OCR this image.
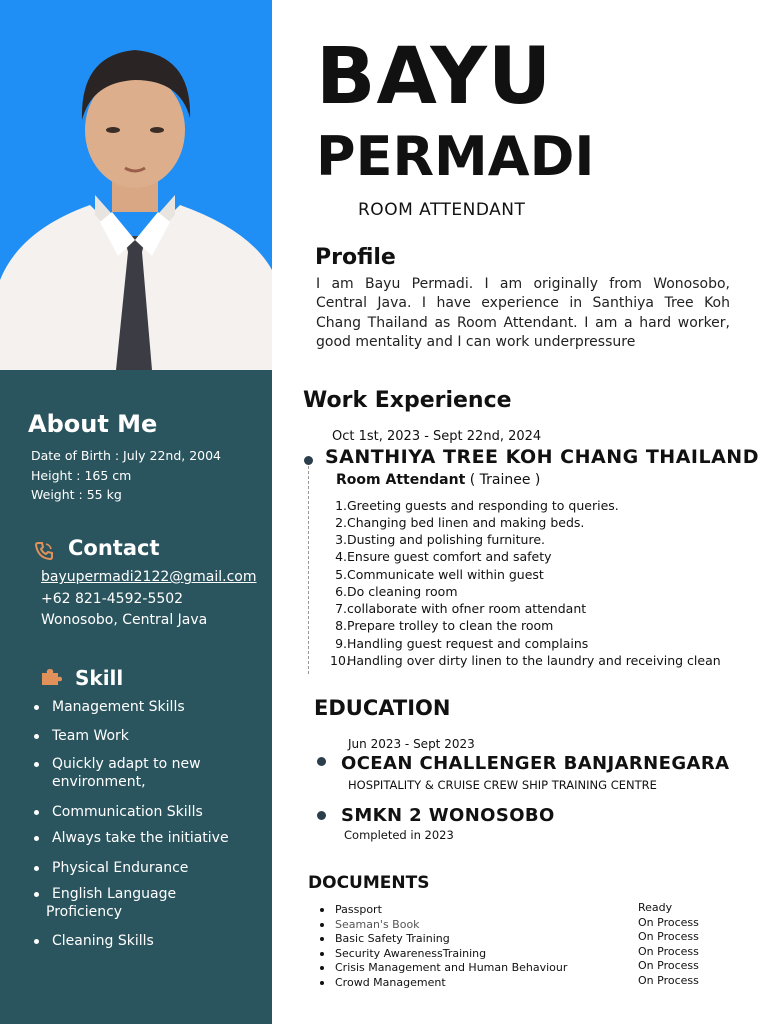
About Me
Date of Birth : July 22nd, 2004
Height : 165 cm
Weight : 55 kg
Contact
bayupermadi2122@gmail.com
+62 821-4592-5502
Wonosobo, Central Java
Skill
Management Skills
Team Work
Quickly adapt to new environment,
Communication Skills
Always take the initiative
Physical Endurance
English Language Proficiency
Cleaning Skills
BAYU
PERMADI
ROOM ATTENDANT
Profile
I am Bayu Permadi. I am originally from Wonosobo, Central Java. I have experience in Santhiya Tree Koh Chang Thailand as Room Attendant. I am a hard worker, good mentality and I can work underpressure
Work Experience
Oct 1st, 2023 - Sept 22nd, 2024
SANTHIYA TREE KOH CHANG THAILAND
Room Attendant ( Trainee )
1.Greeting guests and responding to queries.
2.Changing bed linen and making beds.
3.Dusting and polishing furniture.
4.Ensure guest comfort and safety
5.Communicate well within guest
6.Do cleaning room
7.collaborate with ofner room attendant
8.Prepare trolley to clean the room
9.Handling guest request and complains
10.Handling over dirty linen to the laundry and receiving clean
EDUCATION
Jun 2023 - Sept 2023
OCEAN CHALLENGER BANJARNEGARA
HOSPITALITY & CRUISE CREW SHIP TRAINING CENTRE
SMKN 2 WONOSOBO
Completed in 2023
DOCUMENTS
Passport
Seaman's Book
Basic Safety Training
Security AwarenessTraining
Crisis Management and Human Behaviour
Crowd Management
Ready
On Process
On Process
On Process
On Process
On Process
